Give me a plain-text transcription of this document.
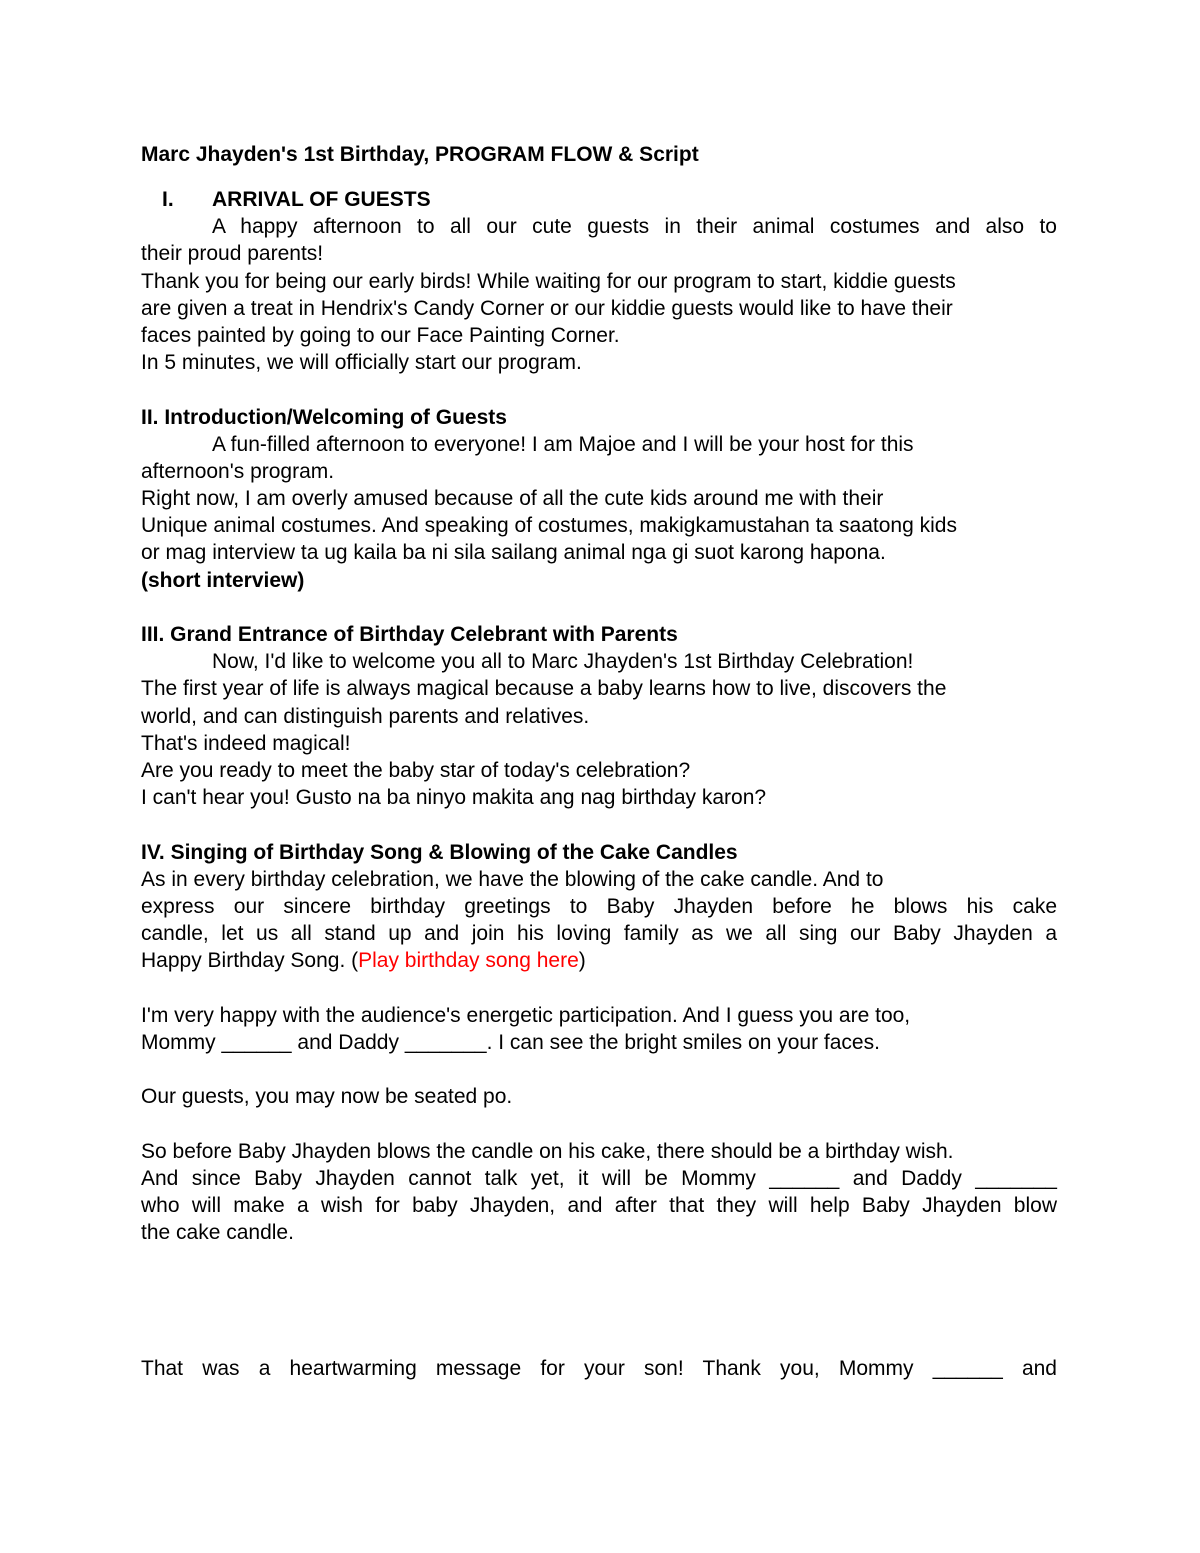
Marc Jhayden's 1st Birthday, PROGRAM FLOW & Script
I. ARRIVAL OF GUESTS
A happy afternoon to all our cute guests in their animal costumes and also to
their proud parents!
Thank you for being our early birds! While waiting for our program to start, kiddie guests
are given a treat in Hendrix's Candy Corner or our kiddie guests would like to have their
faces painted by going to our Face Painting Corner.
In 5 minutes, we will officially start our program.
II. Introduction/Welcoming of Guests
A fun-filled afternoon to everyone! I am Majoe and I will be your host for this
afternoon's program.
Right now, I am overly amused because of all the cute kids around me with their
Unique animal costumes. And speaking of costumes, makigkamustahan ta saatong kids
or mag interview ta ug kaila ba ni sila sailang animal nga gi suot karong hapona.
(short interview)
III. Grand Entrance of Birthday Celebrant with Parents
Now, I'd like to welcome you all to Marc Jhayden's 1st Birthday Celebration!
The first year of life is always magical because a baby learns how to live, discovers the
world, and can distinguish parents and relatives.
That's indeed magical!
Are you ready to meet the baby star of today's celebration?
I can't hear you! Gusto na ba ninyo makita ang nag birthday karon?
IV. Singing of Birthday Song & Blowing of the Cake Candles
As in every birthday celebration, we have the blowing of the cake candle. And to
express our sincere birthday greetings to Baby Jhayden before he blows his cake
candle, let us all stand up and join his loving family as we all sing our Baby Jhayden a
Happy Birthday Song. (Play birthday song here)
I'm very happy with the audience's energetic participation. And I guess you are too,
Mommy ______ and Daddy _______. I can see the bright smiles on your faces.
Our guests, you may now be seated po.
So before Baby Jhayden blows the candle on his cake, there should be a birthday wish.
And since Baby Jhayden cannot talk yet, it will be Mommy ______ and Daddy _______
who will make a wish for baby Jhayden, and after that they will help Baby Jhayden blow
the cake candle.
That was a heartwarming message for your son! Thank you, Mommy ______ and
